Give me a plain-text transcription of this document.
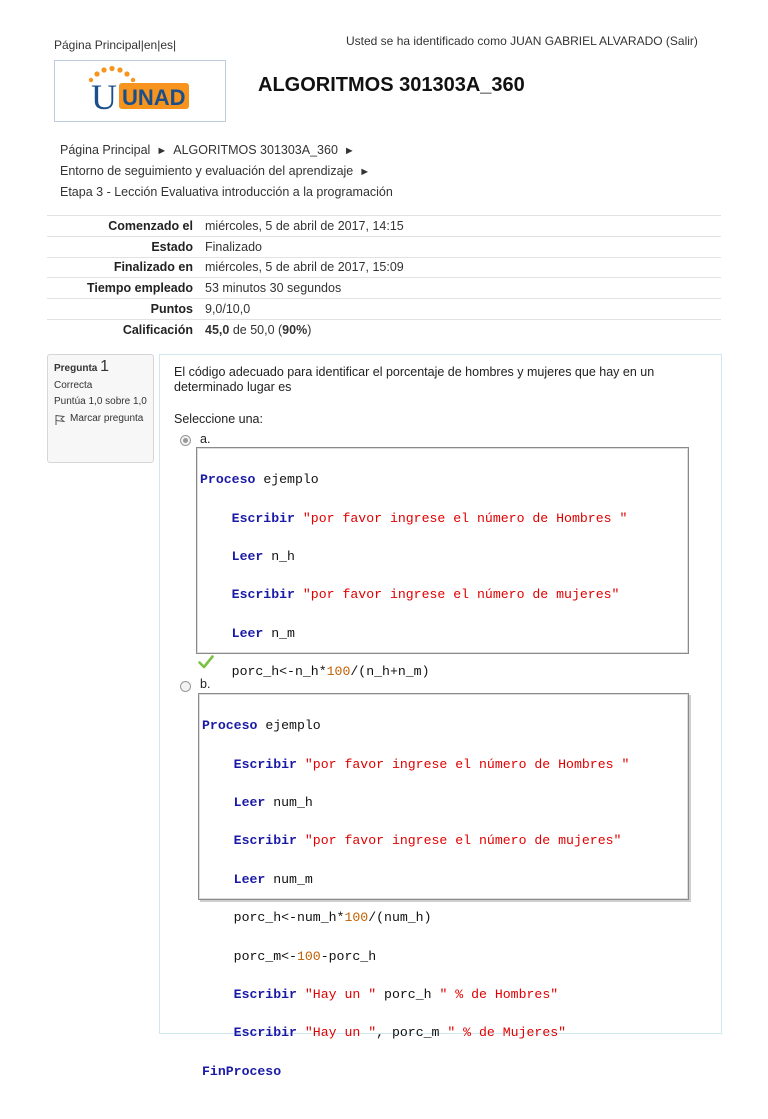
Página Principal|en|es|	Usted se ha identificado como JUAN GABRIEL ALVARADO (Salir)
U UNAD	ALGORITMOS 301303A_360
Página Principal ► ALGORITMOS 301303A_360 ►
Entorno de seguimiento y evaluación del aprendizaje ►
Etapa 3 - Lección Evaluativa introducción a la programación
Comenzado el miércoles, 5 de abril de 2017, 14:15
Estado Finalizado
Finalizado en miércoles, 5 de abril de 2017, 15:09
Tiempo empleado 53 minutos 30 segundos
Puntos 9,0/10,0
Calificación 45,0 de 50,0 (90%)
Pregunta 1
Correcta
Puntúa 1,0 sobre 1,0
Marcar pregunta
El código adecuado para identificar el porcentaje de hombres y mujeres que hay en un determinado lugar es
Seleccione una:
a.

Proceso ejemplo

Escribir "por favor ingrese el número de Hombres "

Leer n_h

Escribir "por favor ingrese el número de mujeres"

Leer n_m

porc_h<-n_h*100/(n_h+n_m)

b.

Proceso ejemplo

Escribir "por favor ingrese el número de Hombres "

Leer num_h

Escribir "por favor ingrese el número de mujeres"

Leer num_m

porc_h<-num_h*100/(num_h)

porc_m<-100-porc_h

Escribir "Hay un " porc_h " % de Hombres"

Escribir "Hay un ", porc_m " % de Mujeres"

FinProceso
